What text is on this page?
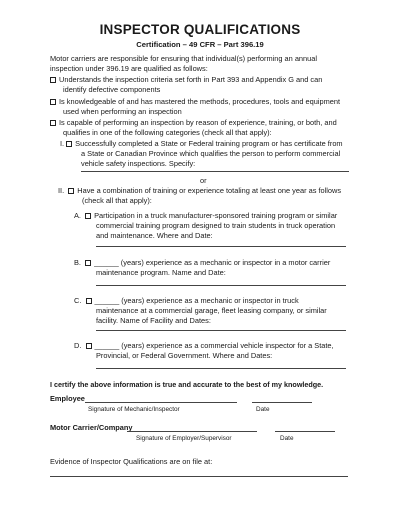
INSPECTOR QUALIFICATIONS
Certification – 49 CFR – Part 396.19
Motor carriers are responsible for ensuring that individual(s) performing an annual
inspection under 396.19 are qualified as follows:
Understands the inspection criteria set forth in Part 393 and Appendix G and can
identify defective components
Is knowledgeable of and has mastered the methods, procedures, tools and equipment
used when performing an inspection
Is capable of performing an inspection by reason of experience, training, or both, and
qualifies in one of the following categories (check all that apply):
I. Successfully completed a State or Federal training program or has certificate from
a State or Canadian Province which qualifies the person to perform commercial
vehicle safety inspections. Specify:
or
II. Have a combination of training or experience totaling at least one year as follows
(check all that apply):
A. Participation in a truck manufacturer-sponsored training program or similar
commercial training program designed to train students in truck operation
and maintenance. Where and Date:
B. ______ (years) experience as a mechanic or inspector in a motor carrier
maintenance program. Name and Date:
C. ______ (years) experience as a mechanic or inspector in truck
maintenance at a commercial garage, fleet leasing company, or similar
facility. Name of Facility and Dates:
D. ______ (years) experience as a commercial vehicle inspector for a State,
Provincial, or Federal Government. Where and Dates:
I certify the above information is true and accurate to the best of my knowledge.
Employee
Signature of Mechanic/Inspector	Date
Motor Carrier/Company
Signature of Employer/Supervisor	Date
Evidence of Inspector Qualifications are on file at:
